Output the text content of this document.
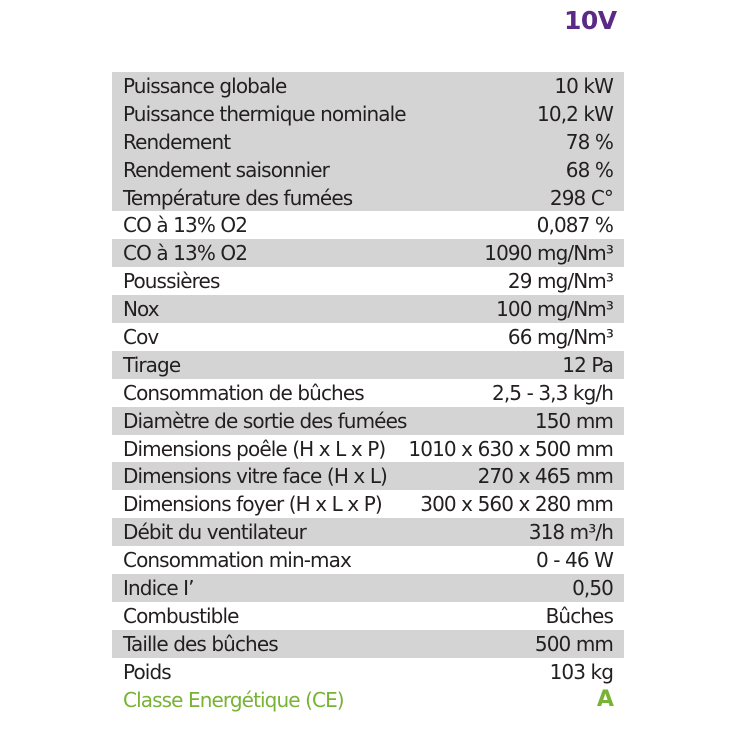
10V
Puissance globale	10 kW
Puissance thermique nominale	10,2 kW
Rendement	78 %
Rendement saisonnier	68 %
Température des fumées	298 C°
CO à 13% O2	0,087 %
CO à 13% O2	1090 mg/Nm³
Poussières	29 mg/Nm³
Nox	100 mg/Nm³
Cov	66 mg/Nm³
Tirage	12 Pa
Consommation de bûches	2,5 - 3,3 kg/h
Diamètre de sortie des fumées	150 mm
Dimensions poêle (H x L x P) 1010 x 630 x 500 mm
Dimensions vitre face (H x L)	270 x 465 mm
Dimensions foyer (H x L x P) 300 x 560 x 280 mm
Débit du ventilateur	318 m³/h
Consommation min-max	0 - 46 W
Indice I’	0,50
Combustible	Bûches
Taille des bûches	500 mm
Poids	103 kg
Classe Energétique (CE)	A
